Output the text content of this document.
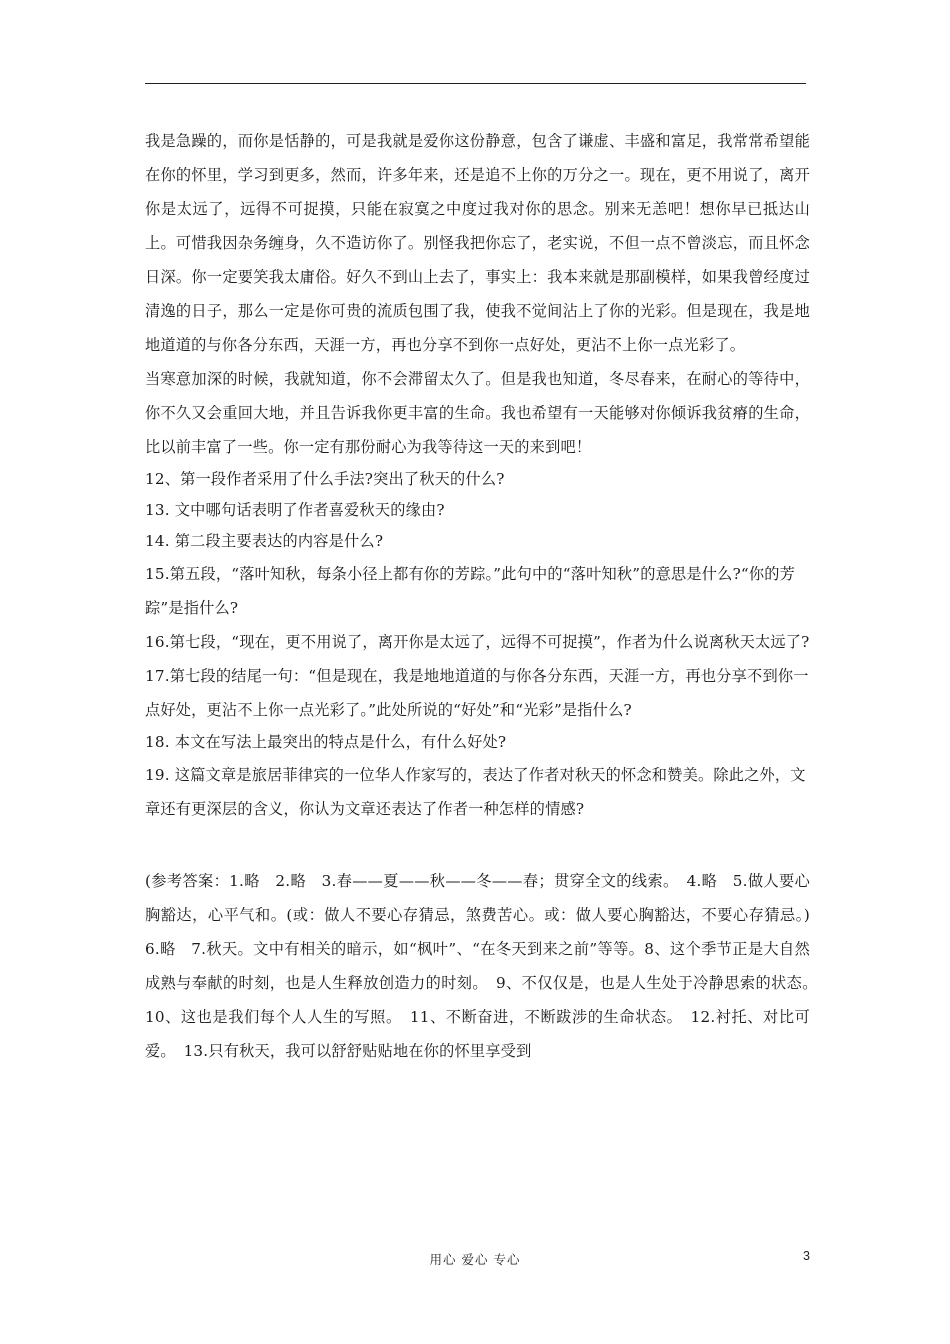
我是急躁的，而你是恬静的，可是我就是爱你这份静意，包含了谦虚、丰盛和富足，我常常希望能在你的怀里，学习到更多，然而，许多年来，还是追不上你的万分之一。现在，更不用说了，离开你是太远了，远得不可捉摸，只能在寂寞之中度过我对你的思念。别来无恙吧！想你早已抵达山上。可惜我因杂务缠身，久不造访你了。别怪我把你忘了，老实说，不但一点不曾淡忘，而且怀念日深。你一定要笑我太庸俗。好久不到山上去了，事实上：我本来就是那副模样，如果我曾经度过清逸的日子，那么一定是你可贵的流质包围了我，使我不觉间沾上了你的光彩。但是现在，我是地地道道的与你各分东西，天涯一方，再也分享不到你一点好处，更沾不上你一点光彩了。

当寒意加深的时候，我就知道，你不会滞留太久了。但是我也知道，冬尽春来，在耐心的等待中，你不久又会重回大地，并且告诉我你更丰富的生命。我也希望有一天能够对你倾诉我贫瘠的生命，比以前丰富了一些。你一定有那份耐心为我等待这一天的来到吧！

12、第一段作者采用了什么手法?突出了秋天的什么?

13. 文中哪句话表明了作者喜爱秋天的缘由?

14. 第二段主要表达的内容是什么?

15.第五段，“落叶知秋，每条小径上都有你的芳踪。”此句中的“落叶知秋”的意思是什么?“你的芳踪”是指什么?

16.第七段，“现在，更不用说了，离开你是太远了，远得不可捉摸”，作者为什么说离秋天太远了?

17.第七段的结尾一句：“但是现在，我是地地道道的与你各分东西，天涯一方，再也分享不到你一点好处，更沾不上你一点光彩了。”此处所说的“好处”和“光彩”是指什么?

18. 本文在写法上最突出的特点是什么，有什么好处?

19. 这篇文章是旅居菲律宾的一位华人作家写的，表达了作者对秋天的怀念和赞美。除此之外，文章还有更深层的含义，你认为文章还表达了作者一种怎样的情感?

(参考答案：1.略　2.略　3.春——夏——秋——冬——春；贯穿全文的线索。　4.略　5.做人要心胸豁达，心平气和。(或：做人不要心存猜忌，煞费苦心。或：做人要心胸豁达，不要心存猜忌。)　6.略　7.秋天。文中有相关的暗示，如“枫叶”、“在冬天到来之前”等等。8、这个季节正是大自然成熟与奉献的时刻，也是人生释放创造力的时刻。　9、不仅仅是，也是人生处于冷静思索的状态。　10、这也是我们每个人人生的写照。　11、不断奋进，不断跋涉的生命状态。　12.衬托、对比可爱。　13.只有秋天，我可以舒舒贴贴地在你的怀里享受到

用心 爱心 专心	3
